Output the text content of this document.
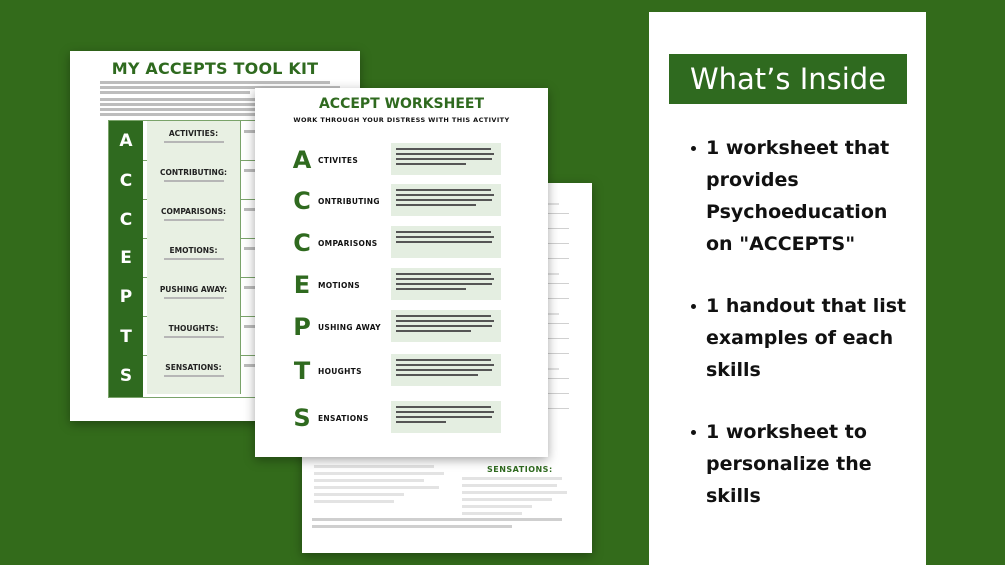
SENSATIONS:
MY ACCEPTS TOOL KIT
A
C
C
E
P
T
S
ACTIVITIES:
CONTRIBUTING:
COMPARISONS:
EMOTIONS:
PUSHING AWAY:
THOUGHTS:
SENSATIONS:
ACCEPT WORKSHEET
WORK THROUGH YOUR DISTRESS WITH THIS ACTIVITY
A CTIVITES
C ONTRIBUTING
C OMPARISONS
E	MOTIONS
P USHING AWAY
T	HOUGHTS
S ENSATIONS
What’s Inside
1 worksheet that provides Psychoeducation on "ACCEPTS"
1 handout that list examples of each skills
1 worksheet to personalize the skills
